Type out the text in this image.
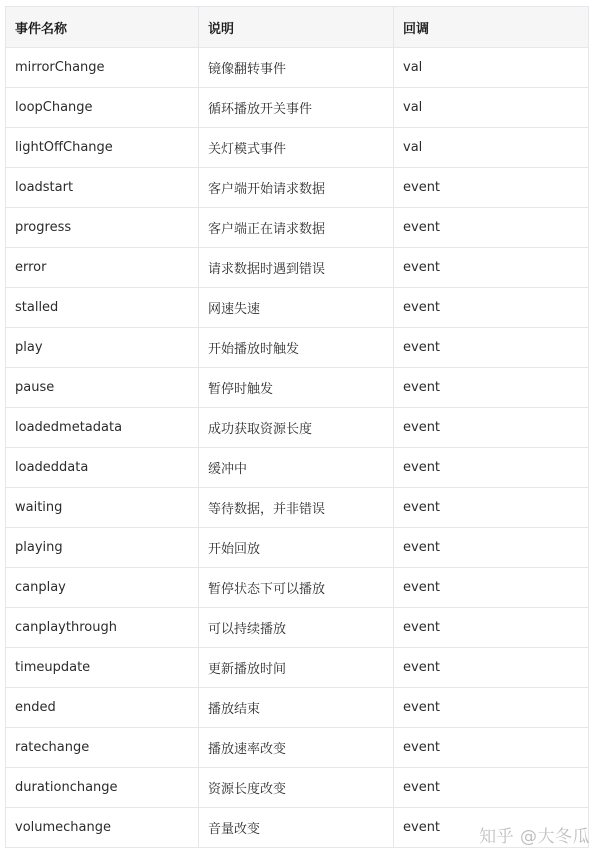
事件名称	说明	回调
mirrorChange	镜像翻转事件	val
loopChange	循环播放开关事件	val
lightOffChange	关灯模式事件	val
loadstart	客户端开始请求数据	event
progress	客户端正在请求数据	event
error	请求数据时遇到错误	event
stalled	网速失速	event
play	开始播放时触发	event
pause	暂停时触发	event
loadedmetadata	成功获取资源长度	event
loadeddata	缓冲中	event
waiting	等待数据，并非错误	event
playing	开始回放	event
canplay	暂停状态下可以播放	event
canplaythrough	可以持续播放	event
timeupdate	更新播放时间	event
ended	播放结束	event
ratechange	播放速率改变	event
durationchange	资源长度改变	event
volumechange	音量改变	event 知乎 @大冬瓜
